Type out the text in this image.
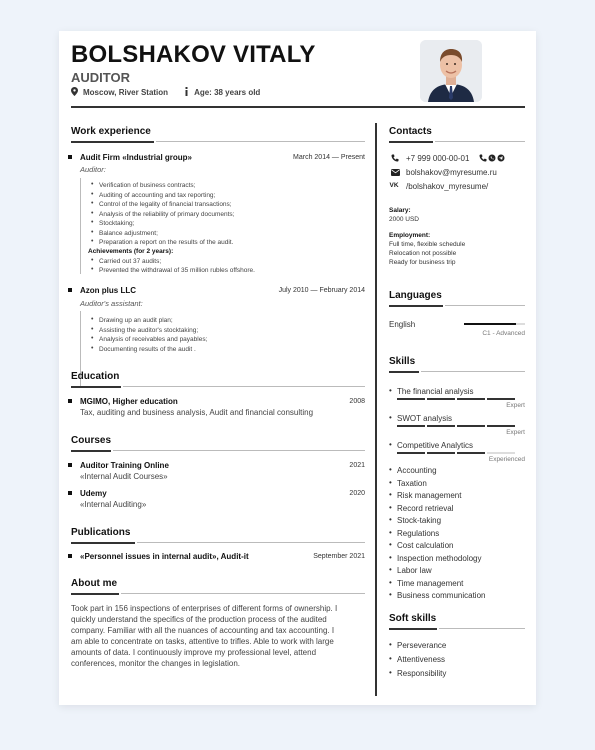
BOLSHAKOV VITALY
AUDITOR
Moscow, River Station	Age: 38 years old
Work experience
Audit Firm «Industrial group»	March 2014 — Present
Auditor:
• Verification of business contracts;
• Auditing of accounting and tax reporting;
• Control of the legality of financial transactions;
• Analysis of the reliability of primary documents;
• Stocktaking;
• Balance adjustment;
• Preparation a report on the results of the audit.
Achievements (for 2 years):
• Carried out 37 audits;
• Prevented the withdrawal of 35 million rubles offshore.
Azon plus LLC	July 2010 — February 2014
Auditor's assistant:
• Drawing up an audit plan;
• Assisting the auditor's stocktaking;
• Analysis of receivables and payables;
• Documenting results of the audit .
Education
MGIMO, Higher education	2008
Tax, auditing and business analysis, Audit and financial consulting
Courses
Auditor Training Online	2021
«Internal Audit Courses»
Udemy	2020
«Internal Auditing»
Publications
«Personnel issues in internal audit», Audit-it	September 2021
About me
Took part in 156 inspections of enterprises of different forms of ownership. I
quickly understand the specifics of the production process of the audited
company. Familiar with all the nuances of accounting and tax accounting. I
am able to concentrate on tasks, attentive to trifles. Able to work with large
amounts of data. I continuously improve my professional level, attend
conferences, monitor the changes in legislation.
Contacts
+7 999 000-00-01
bolshakov@myresume.ru
VK /bolshakov_myresume/
Salary:
2000 USD
Employment:
Full time, flexible schedule
Relocation not possible
Ready for business trip
Languages
English
C1 - Advanced
Skills
• The financial analysis
Expert
• SWOT analysis
Expert
• Competitive Analytics
Experienced
• Accounting
• Taxation
• Risk management
• Record retrieval
• Stock-taking
• Regulations
• Cost calculation
• Inspection methodology
• Labor law
• Time management
• Business communication
Soft skills
• Perseverance
• Attentiveness
• Responsibility
